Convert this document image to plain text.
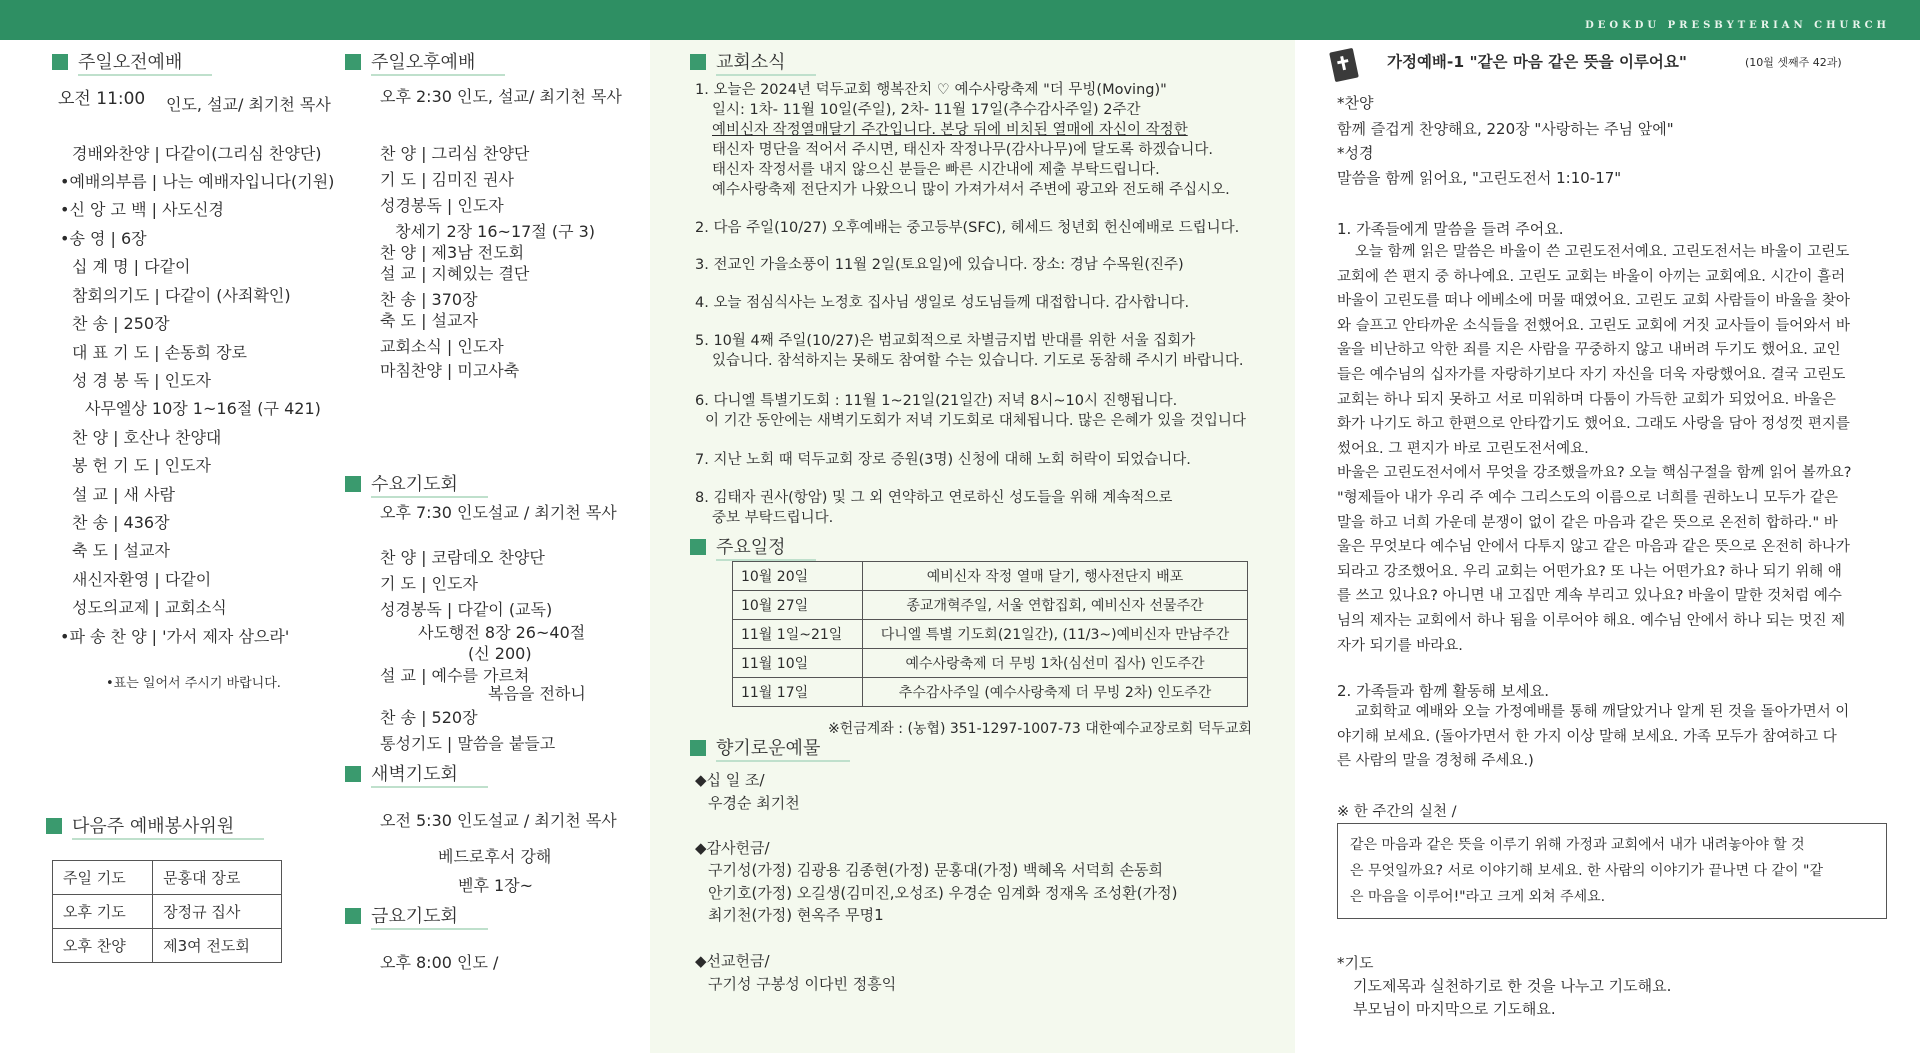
DEOKDU PRESBYTERIAN CHURCH
주일오전예배
오전 11:00 인도, 설교/ 최기천 목사
경배와찬양 | 다같이(그리심 찬양단)
•예배의부름 | 나는 예배자입니다(기원)
•신 앙 고 백 | 사도신경
•송 영 | 6장
십 계 명 | 다같이
참회의기도 | 다같이 (사죄확인)
찬 송 | 250장
대 표 기 도 | 손동희 장로
성 경 봉 독 | 인도자
사무엘상 10장 1~16절 (구 421)
찬 양 | 호산나 찬양대
봉 헌 기 도 | 인도자
설 교 | 새 사람
찬 송 | 436장
축 도 | 설교자
새신자환영 | 다같이
성도의교제 | 교회소식
•파 송 찬 양 | '가서 제자 삼으라'
•표는 일어서 주시기 바랍니다.
다음주 예배봉사위원
주일 기도	문홍대 장로
오후 기도	장정규 집사
오후 찬양	제3여 전도회
주일오후예배
오후 2:30 인도, 설교/ 최기천 목사
찬 양 | 그리심 찬양단
기 도 | 김미진 권사
성경봉독 | 인도자
창세기 2장 16~17절 (구 3)
찬 양 | 제3남 전도회
설 교 | 지혜있는 결단
찬 송 | 370장
축 도 | 설교자
교회소식 | 인도자
마침찬양 | 미고사축
수요기도회
오후 7:30 인도설교 / 최기천 목사
찬 양 | 코람데오 찬양단
기 도 | 인도자
성경봉독 | 다같이 (교독)
사도행전 8장 26~40절
(신 200)
설 교 | 예수를 가르쳐
복음을 전하니
찬 송 | 520장
통성기도 | 말씀을 붙들고
새벽기도회
오전 5:30 인도설교 / 최기천 목사
베드로후서 강해
벧후 1장~
금요기도회
오후 8:00 인도 /
교회소식
1. 오늘은 2024년 덕두교회 행복잔치 ♡ 예수사랑축제 "더 무빙(Moving)"
일시: 1차- 11월 10일(주일), 2차- 11월 17일(추수감사주일) 2주간
예비신자 작정열매달기 주간입니다. 본당 뒤에 비치된 열매에 자신이 작정한
태신자 명단을 적어서 주시면, 태신자 작정나무(감사나무)에 달도록 하겠습니다.
태신자 작정서를 내지 않으신 분들은 빠른 시간내에 제출 부탁드립니다.
예수사랑축제 전단지가 나왔으니 많이 가져가셔서 주변에 광고와 전도해 주십시오.
2. 다음 주일(10/27) 오후예배는 중고등부(SFC), 헤세드 청년회 헌신예배로 드립니다.
3. 전교인 가을소풍이 11월 2일(토요일)에 있습니다. 장소: 경남 수목원(진주)
4. 오늘 점심식사는 노정호 집사님 생일로 성도님들께 대접합니다. 감사합니다.
5. 10월 4째 주일(10/27)은 범교회적으로 차별금지법 반대를 위한 서울 집회가
있습니다. 참석하지는 못해도 참여할 수는 있습니다. 기도로 동참해 주시기 바랍니다.
6. 다니엘 특별기도회 : 11월 1~21일(21일간) 저녁 8시~10시 진행됩니다.
이 기간 동안에는 새벽기도회가 저녁 기도회로 대체됩니다. 많은 은혜가 있을 것입니다
7. 지난 노회 때 덕두교회 장로 증원(3명) 신청에 대해 노회 허락이 되었습니다.
8. 김태자 권사(항암) 및 그 외 연약하고 연로하신 성도들을 위해 계속적으로
중보 부탁드립니다.
주요일정
10월 20일	예비신자 작정 열매 달기, 행사전단지 배포
10월 27일	종교개혁주일, 서울 연합집회, 예비신자 선물주간
11월 1일~21일	다니엘 특별 기도회(21일간), (11/3~)예비신자 만남주간
11월 10일	예수사랑축제 더 무빙 1차(심선미 집사) 인도주간
11월 17일	추수감사주일 (예수사랑축제 더 무빙 2차) 인도주간
※헌금계좌 : (농협) 351-1297-1007-73 대한예수교장로회 덕두교회
향기로운예물
◆십 일 조/
우경순 최기천
◆감사헌금/
구기성(가정) 김광용 김종현(가정) 문홍대(가정) 백혜옥 서덕희 손동희
안기호(가정) 오길생(김미진,오성조) 우경순 임계화 정재옥 조성환(가정)
최기천(가정) 현옥주 무명1
◆선교헌금/
구기성 구봉성 이다빈 정흥익
가정예배-1 "같은 마음 같은 뜻을 이루어요"	(10월 셋째주 42과)
*찬양
함께 즐겁게 찬양해요, 220장 "사랑하는 주님 앞에"
*성경
말씀을 함께 읽어요, "고린도전서 1:10-17"
1. 가족들에게 말씀을 들려 주어요.
오늘 함께 읽은 말씀은 바울이 쓴 고린도전서예요. 고린도전서는 바울이 고린도
교회에 쓴 편지 중 하나예요. 고린도 교회는 바울이 아끼는 교회예요. 시간이 흘러
바울이 고린도를 떠나 에베소에 머물 때였어요. 고린도 교회 사람들이 바울을 찾아
와 슬프고 안타까운 소식들을 전했어요. 고린도 교회에 거짓 교사들이 들어와서 바
울을 비난하고 악한 죄를 지은 사람을 꾸중하지 않고 내버려 두기도 했어요. 교인
들은 예수님의 십자가를 자랑하기보다 자기 자신을 더욱 자랑했어요. 결국 고린도
교회는 하나 되지 못하고 서로 미워하며 다툼이 가득한 교회가 되었어요. 바울은
화가 나기도 하고 한편으로 안타깝기도 했어요. 그래도 사랑을 담아 정성껏 편지를
썼어요. 그 편지가 바로 고린도전서예요.
바울은 고린도전서에서 무엇을 강조했을까요? 오늘 핵심구절을 함께 읽어 볼까요?
"형제들아 내가 우리 주 예수 그리스도의 이름으로 너희를 권하노니 모두가 같은
말을 하고 너희 가운데 분쟁이 없이 같은 마음과 같은 뜻으로 온전히 합하라." 바
울은 무엇보다 예수님 안에서 다투지 않고 같은 마음과 같은 뜻으로 온전히 하나가
되라고 강조했어요. 우리 교회는 어떤가요? 또 나는 어떤가요? 하나 되기 위해 애
를 쓰고 있나요? 아니면 내 고집만 계속 부리고 있나요? 바울이 말한 것처럼 예수
님의 제자는 교회에서 하나 됨을 이루어야 해요. 예수님 안에서 하나 되는 멋진 제
자가 되기를 바라요.
2. 가족들과 함께 활동해 보세요.
교회학교 예배와 오늘 가정예배를 통해 깨달았거나 알게 된 것을 돌아가면서 이
야기해 보세요. (돌아가면서 한 가지 이상 말해 보세요. 가족 모두가 참여하고 다
른 사람의 말을 경청해 주세요.)
※ 한 주간의 실천 /
같은 마음과 같은 뜻을 이루기 위해 가정과 교회에서 내가 내려놓아야 할 것
은 무엇일까요? 서로 이야기해 보세요. 한 사람의 이야기가 끝나면 다 같이 "같
은 마음을 이루어!"라고 크게 외쳐 주세요.
*기도
기도제목과 실천하기로 한 것을 나누고 기도해요.
부모님이 마지막으로 기도해요.
